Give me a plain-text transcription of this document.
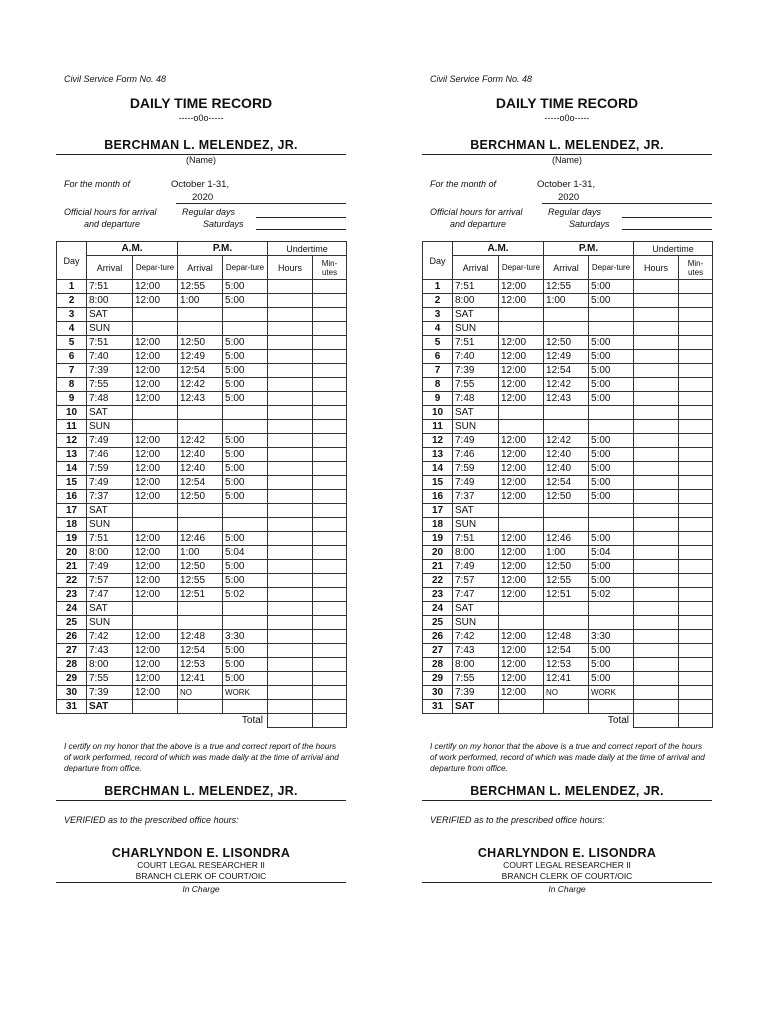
Civil Service Form No. 48
DAILY TIME RECORD
-----o0o-----
BERCHMAN L. MELENDEZ, JR.
(Name)
For the month of	October 1-31,
2020
Official hours for arrival
and departure
Regular days
Saturdays
Day	A.M.		P.M.		Undertime	
	Arrival	Depar-ture	Arrival	Depar-ture	Hours	Min-utes
1	7:51	12:00	12:55	5:00		
2	8:00	12:00	1:00	5:00		
3	SAT					
4	SUN					
5	7:51	12:00	12:50	5:00		
6	7:40	12:00	12:49	5:00		
7	7:39	12:00	12:54	5:00		
8	7:55	12:00	12:42	5:00		
9	7:48	12:00	12:43	5:00		
10	SAT					
11	SUN					
12	7:49	12:00	12:42	5:00		
13	7:46	12:00	12:40	5:00		
14	7:59	12:00	12:40	5:00		
15	7:49	12:00	12:54	5:00		
16	7:37	12:00	12:50	5:00		
17	SAT					
18	SUN					
19	7:51	12:00	12:46	5:00		
20	8:00	12:00	1:00	5:04		
21	7:49	12:00	12:50	5:00		
22	7:57	12:00	12:55	5:00		
23	7:47	12:00	12:51	5:02		
24	SAT					
25	SUN					
26	7:42	12:00	12:48	3:30		
27	7:43	12:00	12:54	5:00		
28	8:00	12:00	12:53	5:00		
29	7:55	12:00	12:41	5:00		
30	7:39	12:00	NO	WORK		
31	SAT					
				Total		
I certify on my honor that the above is a true and correct report of the hours of work performed, record of which was made daily at the time of arrival and departure from office.
BERCHMAN L. MELENDEZ, JR.
VERIFIED as to the prescribed office hours:
CHARLYNDON E. LISONDRA
COURT LEGAL RESEARCHER II
BRANCH CLERK OF COURT/OIC
In Charge
Civil Service Form No. 48
DAILY TIME RECORD
-----o0o-----
BERCHMAN L. MELENDEZ, JR.
(Name)
For the month of	October 1-31,
2020
Official hours for arrival
and departure
Regular days
Saturdays
Day	A.M.		P.M.		Undertime	
	Arrival	Depar-ture	Arrival	Depar-ture	Hours	Min-utes
1	7:51	12:00	12:55	5:00		
2	8:00	12:00	1:00	5:00		
3	SAT					
4	SUN					
5	7:51	12:00	12:50	5:00		
6	7:40	12:00	12:49	5:00		
7	7:39	12:00	12:54	5:00		
8	7:55	12:00	12:42	5:00		
9	7:48	12:00	12:43	5:00		
10	SAT					
11	SUN					
12	7:49	12:00	12:42	5:00		
13	7:46	12:00	12:40	5:00		
14	7:59	12:00	12:40	5:00		
15	7:49	12:00	12:54	5:00		
16	7:37	12:00	12:50	5:00		
17	SAT					
18	SUN					
19	7:51	12:00	12:46	5:00		
20	8:00	12:00	1:00	5:04		
21	7:49	12:00	12:50	5:00		
22	7:57	12:00	12:55	5:00		
23	7:47	12:00	12:51	5:02		
24	SAT					
25	SUN					
26	7:42	12:00	12:48	3:30		
27	7:43	12:00	12:54	5:00		
28	8:00	12:00	12:53	5:00		
29	7:55	12:00	12:41	5:00		
30	7:39	12:00	NO	WORK		
31	SAT					
				Total		
I certify on my honor that the above is a true and correct report of the hours of work performed, record of which was made daily at the time of arrival and departure from office.
BERCHMAN L. MELENDEZ, JR.
VERIFIED as to the prescribed office hours:
CHARLYNDON E. LISONDRA
COURT LEGAL RESEARCHER II
BRANCH CLERK OF COURT/OIC
In Charge
